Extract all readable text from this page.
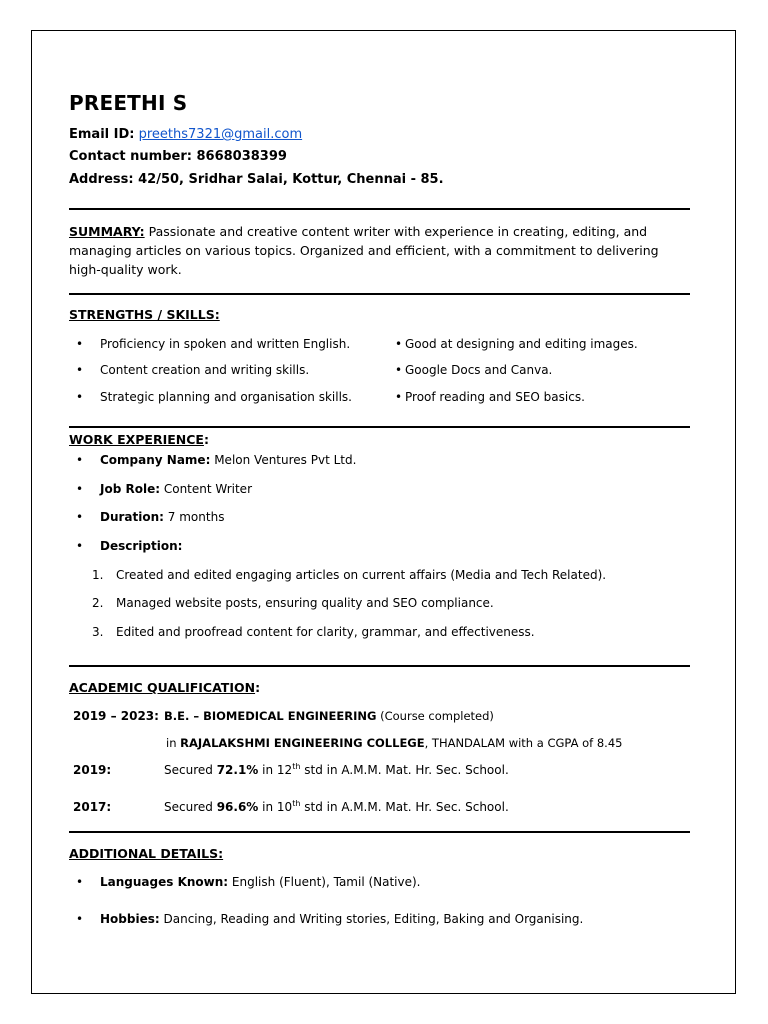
PREETHI S
Email ID: preeths7321@gmail.com
Contact number: 8668038399
Address: 42/50, Sridhar Salai, Kottur, Chennai - 85.
SUMMARY: Passionate and creative content writer with experience in creating, editing, and managing articles on various topics. Organized and efficient, with a commitment to delivering high-quality work.
STRENGTHS / SKILLS:
• Proficiency in spoken and written English.
• Content creation and writing skills.
• Strategic planning and organisation skills.
• Good at designing and editing images.
• Google Docs and Canva.
• Proof reading and SEO basics.
WORK EXPERIENCE:
• Company Name: Melon Ventures Pvt Ltd.
• Job Role: Content Writer
• Duration: 7 months
• Description:
1. Created and edited engaging articles on current affairs (Media and Tech Related).
2. Managed website posts, ensuring quality and SEO compliance.
3. Edited and proofread content for clarity, grammar, and effectiveness.
ACADEMIC QUALIFICATION:
2019 – 2023: B.E. – BIOMEDICAL ENGINEERING (Course completed)
in RAJALAKSHMI ENGINEERING COLLEGE, THANDALAM with a CGPA of 8.45
2019:	Secured 72.1% in 12th std in A.M.M. Mat. Hr. Sec. School.
2017:	Secured 96.6% in 10th std in A.M.M. Mat. Hr. Sec. School.
ADDITIONAL DETAILS:
• Languages Known: English (Fluent), Tamil (Native).
• Hobbies: Dancing, Reading and Writing stories, Editing, Baking and Organising.
